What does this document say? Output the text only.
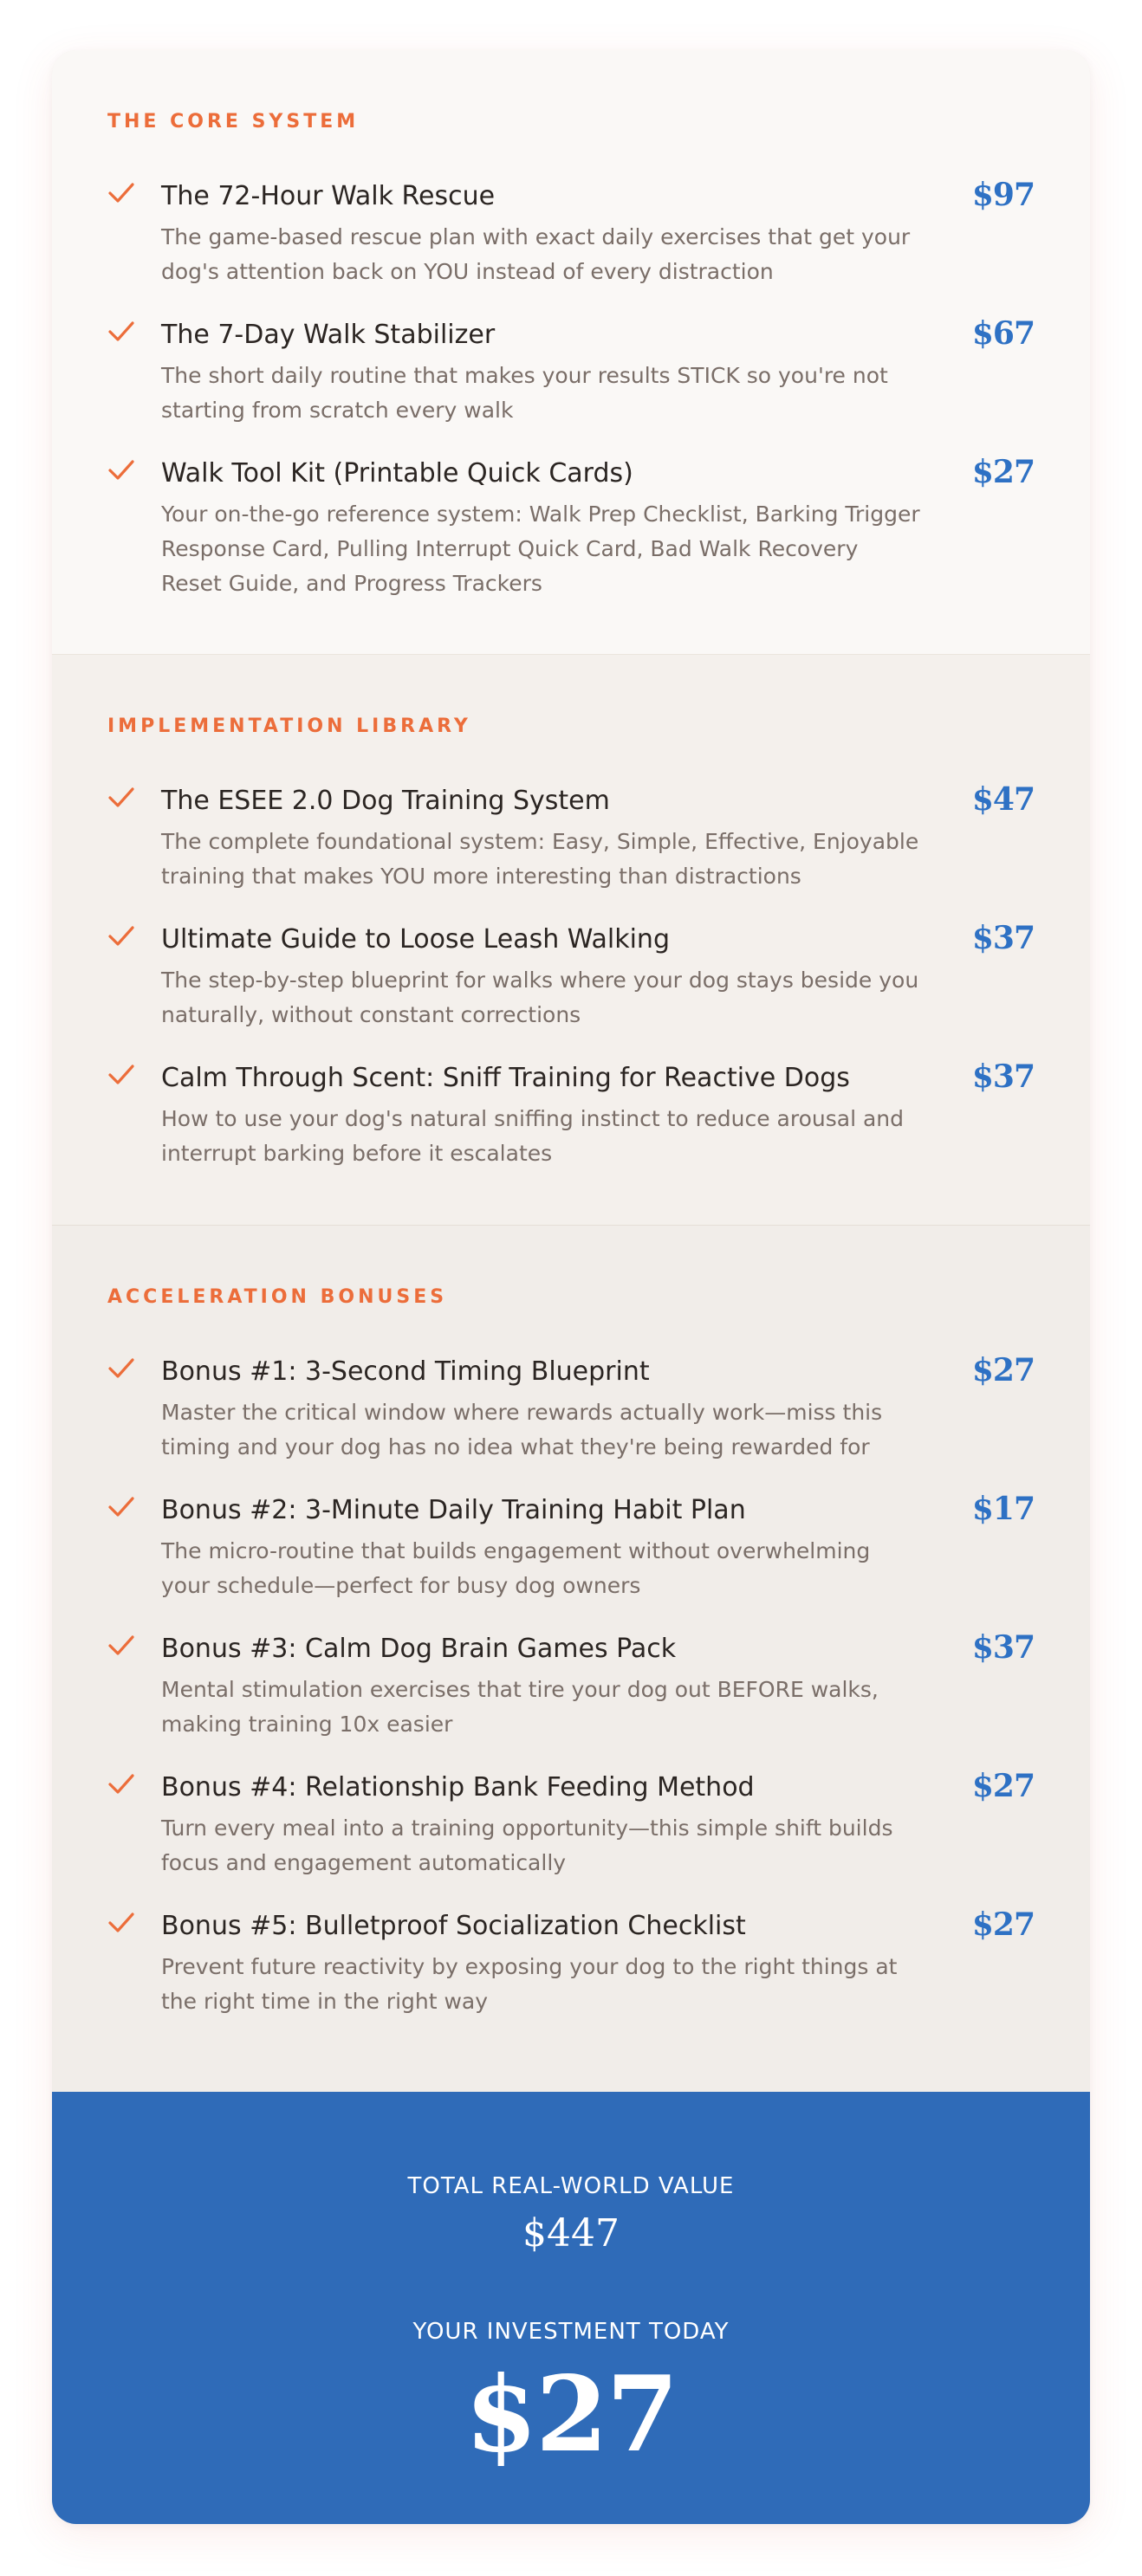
THE CORE SYSTEM

The 72-Hour Walk Rescue

The game-based rescue plan with exact daily exercises that get your dog's attention back on YOU instead of every distraction

$97

The 7-Day Walk Stabilizer

The short daily routine that makes your results STICK so you're not starting from scratch every walk

$67

Walk Tool Kit (Printable Quick Cards)

Your on-the-go reference system: Walk Prep Checklist, Barking Trigger Response Card, Pulling Interrupt Quick Card, Bad Walk Recovery Reset Guide, and Progress Trackers

$27
IMPLEMENTATION LIBRARY

The ESEE 2.0 Dog Training System

The complete foundational system: Easy, Simple, Effective, Enjoyable training that makes YOU more interesting than distractions

$47

Ultimate Guide to Loose Leash Walking

The step-by-step blueprint for walks where your dog stays beside you naturally, without constant corrections

$37

Calm Through Scent: Sniff Training for Reactive Dogs

How to use your dog's natural sniffing instinct to reduce arousal and interrupt barking before it escalates

$37
ACCELERATION BONUSES

Bonus #1: 3-Second Timing Blueprint

Master the critical window where rewards actually work—miss this timing and your dog has no idea what they're being rewarded for

$27

Bonus #2: 3-Minute Daily Training Habit Plan

The micro-routine that builds engagement without overwhelming your schedule—perfect for busy dog owners

$17

Bonus #3: Calm Dog Brain Games Pack

Mental stimulation exercises that tire your dog out BEFORE walks, making training 10x easier

$37

Bonus #4: Relationship Bank Feeding Method

Turn every meal into a training opportunity—this simple shift builds focus and engagement automatically

$27

Bonus #5: Bulletproof Socialization Checklist

Prevent future reactivity by exposing your dog to the right things at the right time in the right way

$27
TOTAL REAL-WORLD VALUE
$447
YOUR INVESTMENT TODAY
$27
